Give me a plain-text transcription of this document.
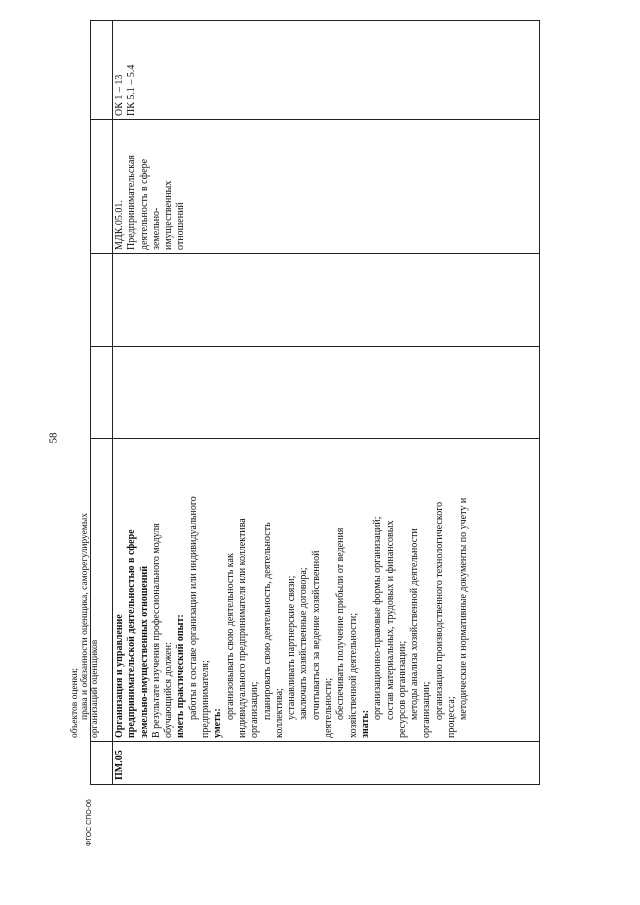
58
ФГОС СПО-06
объектов оценки; права и обязанности оценщика, саморегулируемых организаций оценщиков
ПМ.05
Организация и управление предпринимательской деятельностью в сфере земельно-имущественных отношений В результате изучения профессионального модуля обучающийся должен: иметь практический опыт: работы в составе организации или индивидуального предпринимателя; уметь:
организовывать свою деятельность как индивидуального предпринимателя или коллектива организации; планировать свою деятельность, деятельность коллектива; устанавливать партнерские связи; заключать хозяйственные договора; отчитываться за ведение хозяйственной деятельности; обеспечивать получение прибыли от ведения хозяйственной деятельности; знать:
организационно-правовые формы организаций; состав материальных, трудовых и финансовых ресурсов организации; методы анализа хозяйственной деятельности организации; организацию производственного технологического процесса; методические и нормативные документы по учету и
МДК.05.01. Предпринимательская деятельность в сфере земельно- имущественных отношений
ОК 1 – 13 ПК 5.1 – 5.4
